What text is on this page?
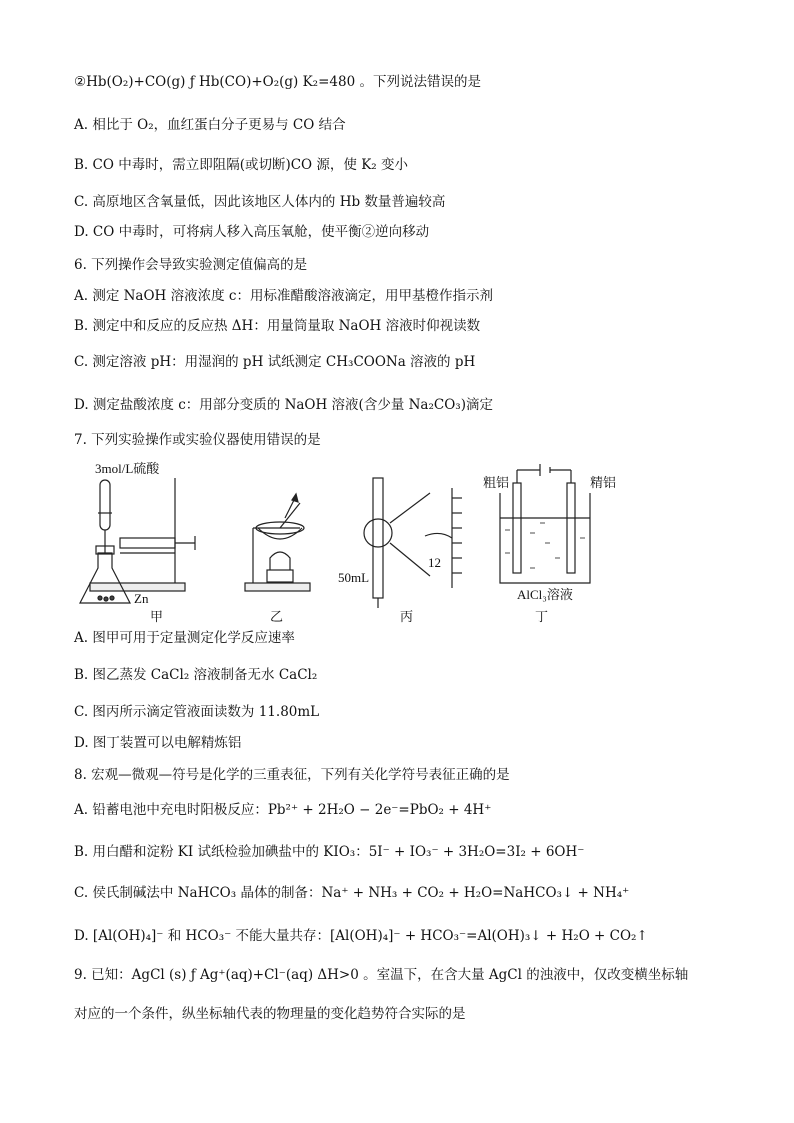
②Hb(O₂)+CO(g) ƒ Hb(CO)+O₂(g) K₂=480 。下列说法错误的是
A. 相比于 O₂，血红蛋白分子更易与 CO 结合
B. CO 中毒时，需立即阻隔(或切断)CO 源，使 K₂ 变小
C. 高原地区含氧量低，因此该地区人体内的 Hb 数量普遍较高
D. CO 中毒时，可将病人移入高压氧舱，使平衡②逆向移动
6. 下列操作会导致实验测定值偏高的是
A. 测定 NaOH 溶液浓度 c：用标准醋酸溶液滴定，用甲基橙作指示剂
B. 测定中和反应的反应热 ΔH：用量筒量取 NaOH 溶液时仰视读数
C. 测定溶液 pH：用湿润的 pH 试纸测定 CH₃COONa 溶液的 pH
D. 测定盐酸浓度 c：用部分变质的 NaOH 溶液(含少量 Na₂CO₃)滴定
7. 下列实验操作或实验仪器使用错误的是
A. 图甲可用于定量测定化学反应速率
B. 图乙蒸发 CaCl₂ 溶液制备无水 CaCl₂
C. 图丙所示滴定管液面读数为 11.80mL
D. 图丁装置可以电解精炼铝
8. 宏观—微观—符号是化学的三重表征，下列有关化学符号表征正确的是
A. 铅蓄电池中充电时阳极反应：Pb²⁺ + 2H₂O − 2e⁻=PbO₂ + 4H⁺
B. 用白醋和淀粉 KI 试纸检验加碘盐中的 KIO₃：5I⁻ + IO₃⁻ + 3H₂O=3I₂ + 6OH⁻
C. 侯氏制碱法中 NaHCO₃ 晶体的制备：Na⁺ + NH₃ + CO₂ + H₂O=NaHCO₃↓ + NH₄⁺
D. [Al(OH)₄]⁻ 和 HCO₃⁻ 不能大量共存：[Al(OH)₄]⁻ + HCO₃⁻=Al(OH)₃↓ + H₂O + CO₂↑
9. 已知：AgCl (s) ƒ Ag⁺(aq)+Cl⁻(aq) ΔH>0 。室温下，在含大量 AgCl 的浊液中，仅改变横坐标轴
对应的一个条件，纵坐标轴代表的物理量的变化趋势符合实际的是
3mol/L硫酸
Zn
50mL
12
粗铝	精铝
AlCl₃溶液
甲	乙	丙	丁
